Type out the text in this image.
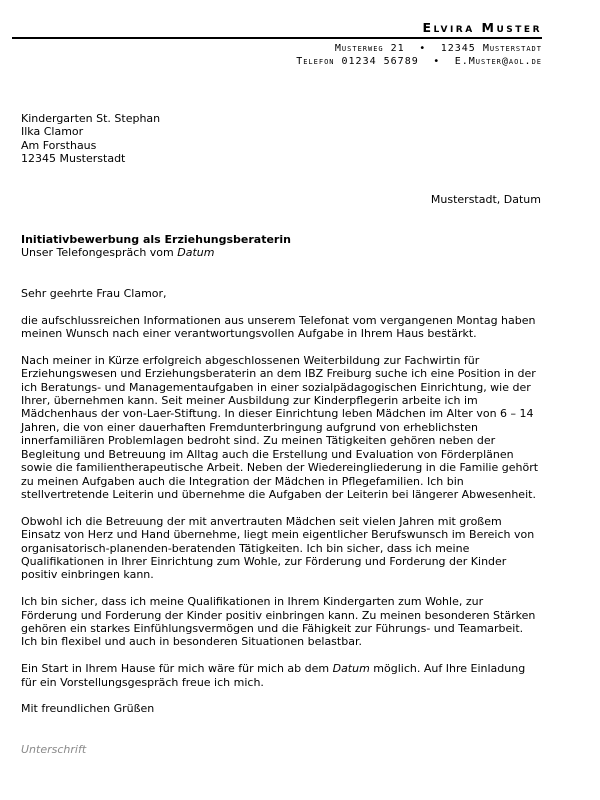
Elvira Muster
Musterweg 21 • 12345 Musterstadt
Telefon 01234 56789 • E.Muster@aol.de

Kindergarten St. Stephan

Ilka Clamor

Am Forsthaus

12345 Musterstadt

Musterstadt, Datum
Initiativbewerbung als Erziehungsberaterin
Unser Telefongespräch vom Datum
Sehr geehrte Frau Clamor,

die aufschlussreichen Informationen aus unserem Telefonat vom vergangenen Montag haben meinen Wunsch nach einer verantwortungsvollen Aufgabe in Ihrem Haus bestärkt.

Nach meiner in Kürze erfolgreich abgeschlossenen Weiterbildung zur Fachwirtin für Erziehungswesen und Erziehungsberaterin an dem IBZ Freiburg suche ich eine Position in der ich Beratungs- und Managementaufgaben in einer sozialpädagogischen Einrichtung, wie der Ihrer, übernehmen kann. Seit meiner Ausbildung zur Kinderpflegerin arbeite ich im Mädchenhaus der von-Laer-Stiftung. In dieser Einrichtung leben Mädchen im Alter von 6 – 14 Jahren, die von einer dauerhaften Fremdunterbringung aufgrund von erheblichsten innerfamiliären Problemlagen bedroht sind. Zu meinen Tätigkeiten gehören neben der Begleitung und Betreuung im Alltag auch die Erstellung und Evaluation von Förderplänen sowie die familientherapeutische Arbeit. Neben der Wiedereingliederung in die Familie gehört zu meinen Aufgaben auch die Integration der Mädchen in Pflegefamilien. Ich bin stellvertretende Leiterin und übernehme die Aufgaben der Leiterin bei längerer Abwesenheit.

Obwohl ich die Betreuung der mit anvertrauten Mädchen seit vielen Jahren mit großem Einsatz von Herz und Hand übernehme, liegt mein eigentlicher Berufswunsch im Bereich von organisatorisch-planenden-beratenden Tätigkeiten. Ich bin sicher, dass ich meine Qualifikationen in Ihrer Einrichtung zum Wohle, zur Förderung und Forderung der Kinder positiv einbringen kann.

Ich bin sicher, dass ich meine Qualifikationen in Ihrem Kindergarten zum Wohle, zur Förderung und Forderung der Kinder positiv einbringen kann. Zu meinen besonderen Stärken gehören ein starkes Einfühlungsvermögen und die Fähigkeit zur Führungs- und Teamarbeit. Ich bin flexibel und auch in besonderen Situationen belastbar.

Ein Start in Ihrem Hause für mich wäre für mich ab dem Datum möglich. Auf Ihre Einladung für ein Vorstellungsgespräch freue ich mich.

Mit freundlichen Grüßen
Unterschrift
